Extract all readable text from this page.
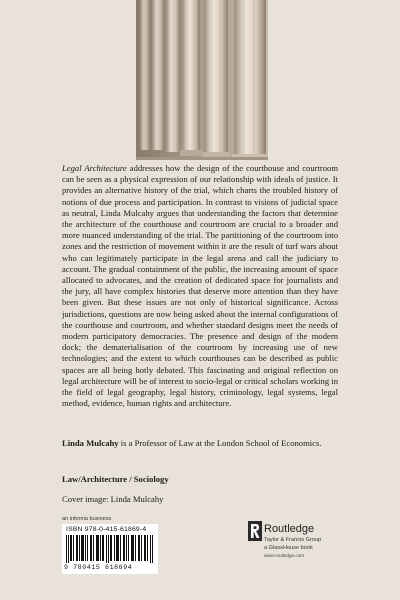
Legal Architecture addresses how the design of the courthouse and courtroom can be seen as a physical expression of our relationship with ideals of justice. It provides an alternative history of the trial, which charts the troubled history of notions of due process and participation. In contrast to visions of judicial space as neutral, Linda Mulcahy argues that understanding the factors that determine the architecture of the courthouse and courtroom are crucial to a broader and more nuanced understanding of the trial. The partitioning of the courtroom into zones and the restriction of movement within it are the result of turf wars about who can legitimately participate in the legal arena and call the judiciary to account. The gradual containment of the public, the increasing amount of space allocated to advocates, and the creation of dedicated space for journalists and the jury, all have complex histories that deserve more attention than they have been given. But these issues are not only of historical significance. Across jurisdictions, questions are now being asked about the internal configurations of the courthouse and courtroom, and whether standard designs meet the needs of modern participatory democracies. The presence and design of the modern dock; the dematerialisation of the courtroom by increasing use of new technologies; and the extent to which courthouses can be described as public spaces are all being hotly debated. This fascinating and original reflection on legal architecture will be of interest to socio-legal or critical scholars working in the field of legal geography, legal history, criminology, legal systems, legal method, evidence, human rights and architecture.

Linda Mulcahy is a Professor of Law at the London School of Economics.

Law/Architecture / Sociology

Cover image: Linda Mulcahy

an informa business
ISBN 978-0-415-61869-4
9 780415 618694
Routledge
Taylor & Francis Group
a GlassHouse book
www.routledge.com
